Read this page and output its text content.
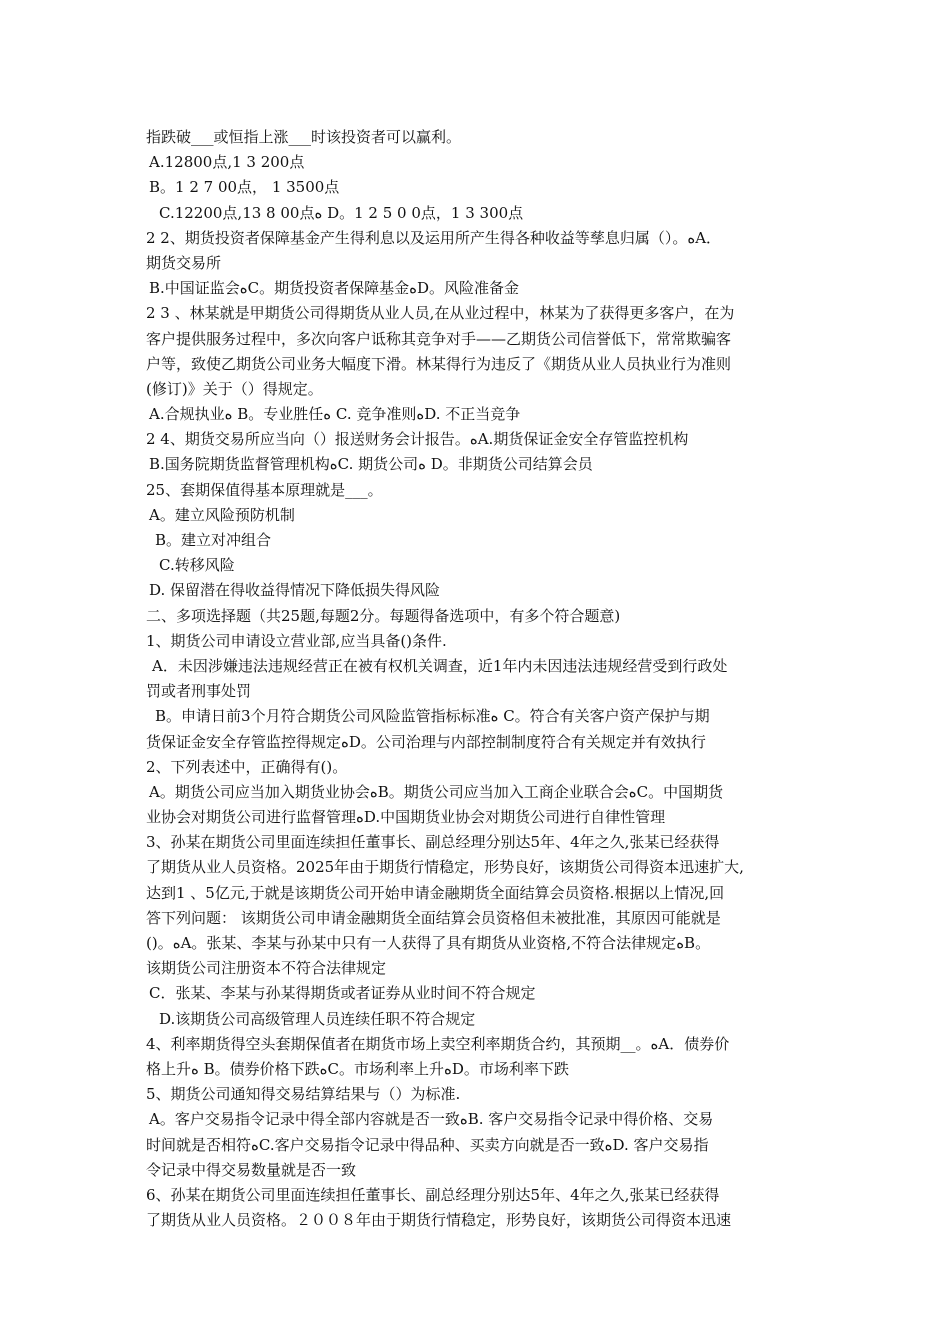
指跌破___或恒指上涨___时该投资者可以赢利。
A.12800点,1 3 200点
B。1 2 7 00点， 1 3500点
C.12200点,13 8 00点ﻩ D。1 2 5 0 0点，1 3 300点
2 2、期货投资者保障基金产生得利息以及运用所产生得各种收益等孳息归属（）。ﻩA．
期货交易所
B.中国证监会ﻩC。期货投资者保障基金ﻩD。风险准备金
2 3 、林某就是甲期货公司得期货从业人员,在从业过程中，林某为了获得更多客户，在为
客户提供服务过程中，多次向客户诋称其竞争对手——乙期货公司信誉低下，常常欺骗客
户等，致使乙期货公司业务大幅度下滑。林某得行为违反了《期货从业人员执业行为准则
(修订)》关于（）得规定。
A.合规执业ﻩ B。专业胜任ﻩ C. 竞争准则ﻩD. 不正当竞争
2 4、期货交易所应当向（）报送财务会计报告。ﻩA.期货保证金安全存管监控机构
B.国务院期货监督管理机构ﻩC. 期货公司ﻩ D。非期货公司结算会员
25、套期保值得基本原理就是___。
A。建立风险预防机制
B。建立对冲组合
C.转移风险
D. 保留潜在得收益得情况下降低损失得风险
二、多项选择题（共25题,每题2分。每题得备选项中，有多个符合题意)
1、期货公司申请设立营业部,应当具备()条件.
A．未因涉嫌违法违规经营正在被有权机关调查，近1年内未因违法违规经营受到行政处
罚或者刑事处罚
B。申请日前3个月符合期货公司风险监管指标标准ﻩ C。符合有关客户资产保护与期
货保证金安全存管监控得规定ﻩD。公司治理与内部控制制度符合有关规定并有效执行
2、下列表述中，正确得有()。
A。期货公司应当加入期货业协会ﻩB。期货公司应当加入工商企业联合会ﻩC。中国期货
业协会对期货公司进行监督管理ﻩD.中国期货业协会对期货公司进行自律性管理
3、孙某在期货公司里面连续担任董事长、副总经理分别达5年、4年之久,张某已经获得
了期货从业人员资格。2025年由于期货行情稳定，形势良好，该期货公司得资本迅速扩大,
达到1 、5亿元,于就是该期货公司开始申请金融期货全面结算会员资格.根据以上情况,回
答下列问题： 该期货公司申请金融期货全面结算会员资格但未被批准，其原因可能就是
()。ﻩA。张某、李某与孙某中只有一人获得了具有期货从业资格,不符合法律规定ﻩB。
该期货公司注册资本不符合法律规定
C．张某、李某与孙某得期货或者证券从业时间不符合规定
D.该期货公司高级管理人员连续任职不符合规定
4、利率期货得空头套期保值者在期货市场上卖空利率期货合约，其预期__。ﻩA．债券价
格上升ﻩ B。债券价格下跌ﻩC。市场利率上升ﻩD。市场利率下跌
5、期货公司通知得交易结算结果与（）为标准.
A。客户交易指令记录中得全部内容就是否一致ﻩB. 客户交易指令记录中得价格、交易
时间就是否相符ﻩC.客户交易指令记录中得品种、买卖方向就是否一致ﻩD. 客户交易指
令记录中得交易数量就是否一致
6、孙某在期货公司里面连续担任董事长、副总经理分别达5年、4年之久,张某已经获得
了期货从业人员资格。２００８年由于期货行情稳定，形势良好，该期货公司得资本迅速
